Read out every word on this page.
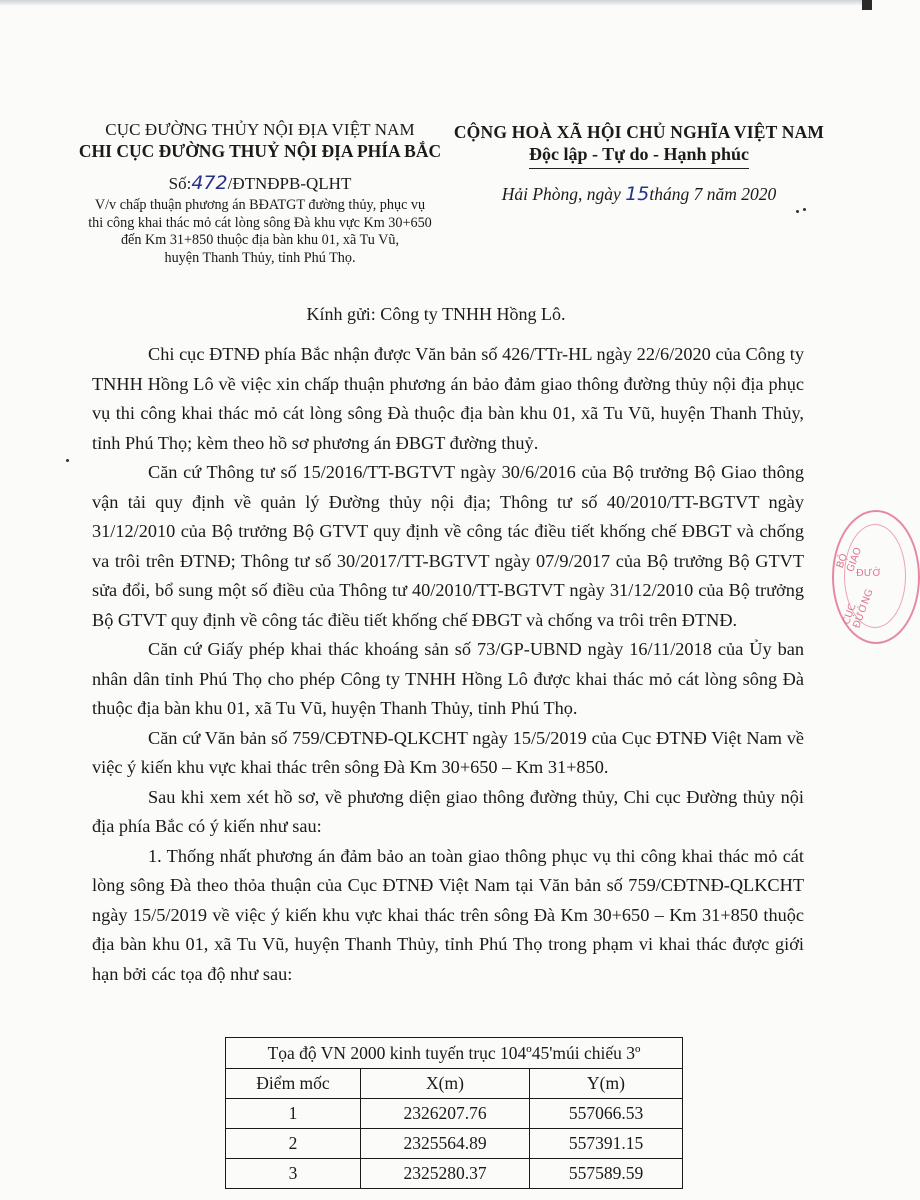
CỤC ĐƯỜNG THỦY NỘI ĐỊA VIỆT NAM
CHI CỤC ĐƯỜNG THUỶ NỘI ĐỊA PHÍA BẮC
Số:472/ĐTNĐPB-QLHT
V/v chấp thuận phương án BĐATGT đường thủy, phục vụ
thi công khai thác mỏ cát lòng sông Đà khu vực Km 30+650
đến Km 31+850 thuộc địa bàn khu 01, xã Tu Vũ,
huyện Thanh Thủy, tỉnh Phú Thọ.
CỘNG HOÀ XÃ HỘI CHỦ NGHĨA VIỆT NAM
Độc lập - Tự do - Hạnh phúc
Hải Phòng, ngày 15tháng 7 năm 2020
Kính gửi: Công ty TNHH Hồng Lô.

Chi cục ĐTNĐ phía Bắc nhận được Văn bản số 426/TTr-HL ngày 22/6/2020 của Công ty TNHH Hồng Lô về việc xin chấp thuận phương án bảo đảm giao thông đường thủy nội địa phục vụ thi công khai thác mỏ cát lòng sông Đà thuộc địa bàn khu 01, xã Tu Vũ, huyện Thanh Thủy, tỉnh Phú Thọ; kèm theo hồ sơ phương án ĐBGT đường thuỷ.

Căn cứ Thông tư số 15/2016/TT-BGTVT ngày 30/6/2016 của Bộ trưởng Bộ Giao thông vận tải quy định về quản lý Đường thủy nội địa; Thông tư số 40/2010/TT-BGTVT ngày 31/12/2010 của Bộ trưởng Bộ GTVT quy định về công tác điều tiết khống chế ĐBGT và chống va trôi trên ĐTNĐ; Thông tư số 30/2017/TT-BGTVT ngày 07/9/2017 của Bộ trưởng Bộ GTVT sửa đổi, bổ sung một số điều của Thông tư 40/2010/TT-BGTVT ngày 31/12/2010 của Bộ trưởng Bộ GTVT quy định về công tác điều tiết khống chế ĐBGT và chống va trôi trên ĐTNĐ.

Căn cứ Giấy phép khai thác khoáng sản số 73/GP-UBND ngày 16/11/2018 của Ủy ban nhân dân tỉnh Phú Thọ cho phép Công ty TNHH Hồng Lô được khai thác mỏ cát lòng sông Đà thuộc địa bàn khu 01, xã Tu Vũ, huyện Thanh Thủy, tỉnh Phú Thọ.

Căn cứ Văn bản số 759/CĐTNĐ-QLKCHT ngày 15/5/2019 của Cục ĐTNĐ Việt Nam về việc ý kiến khu vực khai thác trên sông Đà Km 30+650 – Km 31+850.

Sau khi xem xét hồ sơ, về phương diện giao thông đường thủy, Chi cục Đường thủy nội địa phía Bắc có ý kiến như sau:

1. Thống nhất phương án đảm bảo an toàn giao thông phục vụ thi công khai thác mỏ cát lòng sông Đà theo thỏa thuận của Cục ĐTNĐ Việt Nam tại Văn bản số 759/CĐTNĐ-QLKCHT ngày 15/5/2019 về việc ý kiến khu vực khai thác trên sông Đà Km 30+650 – Km 31+850 thuộc địa bàn khu 01, xã Tu Vũ, huyện Thanh Thủy, tỉnh Phú Thọ trong phạm vi khai thác được giới hạn bởi các tọa độ như sau:

Tọa độ VN 2000 kinh tuyến trục 104º45'múi chiếu 3º		
Điểm mốc	X(m)	Y(m)
1	2326207.76	557066.53
2	2325564.89	557391.15
3	2325280.37	557589.59
BỘ GIAO
CỤC ĐƯỜNG
ĐƯỜ
